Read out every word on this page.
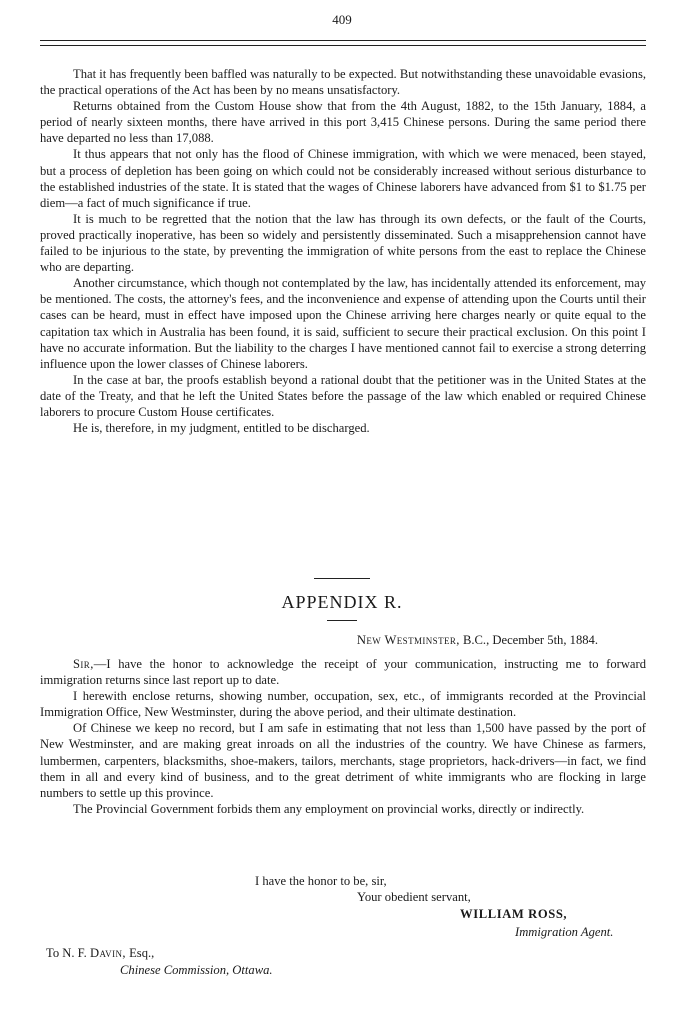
409

That it has frequently been baffled was naturally to be expected. But notwithstanding these unavoidable evasions, the practical operations of the Act has been by no means unsatisfactory.

Returns obtained from the Custom House show that from the 4th August, 1882, to the 15th January, 1884, a period of nearly sixteen months, there have arrived in this port 3,415 Chinese persons. During the same period there have departed no less than 17,088.

It thus appears that not only has the flood of Chinese immigration, with which we were menaced, been stayed, but a process of depletion has been going on which could not be considerably increased without serious disturbance to the established industries of the state. It is stated that the wages of Chinese laborers have advanced from $1 to $1.75 per diem—a fact of much significance if true.

It is much to be regretted that the notion that the law has through its own defects, or the fault of the Courts, proved practically inoperative, has been so widely and persistently disseminated. Such a misapprehension cannot have failed to be injurious to the state, by preventing the immigration of white persons from the east to replace the Chinese who are departing.

Another circumstance, which though not contemplated by the law, has incidentally attended its enforcement, may be mentioned. The costs, the attorney's fees, and the inconvenience and expense of attending upon the Courts until their cases can be heard, must in effect have imposed upon the Chinese arriving here charges nearly or quite equal to the capitation tax which in Australia has been found, it is said, sufficient to secure their practical exclusion. On this point I have no accurate information. But the liability to the charges I have mentioned cannot fail to exercise a strong deterring influence upon the lower classes of Chinese laborers.

In the case at bar, the proofs establish beyond a rational doubt that the petitioner was in the United States at the date of the Treaty, and that he left the United States before the passage of the law which enabled or required Chinese laborers to procure Custom House certificates.

He is, therefore, in my judgment, entitled to be discharged.

APPENDIX R.
New Westminster, B.C., December 5th, 1884.

Sir,—I have the honor to acknowledge the receipt of your communication, instructing me to forward immigration returns since last report up to date.

I herewith enclose returns, showing number, occupation, sex, etc., of immigrants recorded at the Provincial Immigration Office, New Westminster, during the above period, and their ultimate destination.

Of Chinese we keep no record, but I am safe in estimating that not less than 1,500 have passed by the port of New Westminster, and are making great inroads on all the industries of the country. We have Chinese as farmers, lumbermen, carpenters, blacksmiths, shoe-makers, tailors, merchants, stage proprietors, hack-drivers—in fact, we find them in all and every kind of business, and to the great detriment of white immigrants who are flocking in large numbers to settle up this province.

The Provincial Government forbids them any employment on provincial works, directly or indirectly.

I have the honor to be, sir,
Your obedient servant,
WILLIAM ROSS,
Immigration Agent.
To N. F. Davin, Esq.,
Chinese Commission, Ottawa.
